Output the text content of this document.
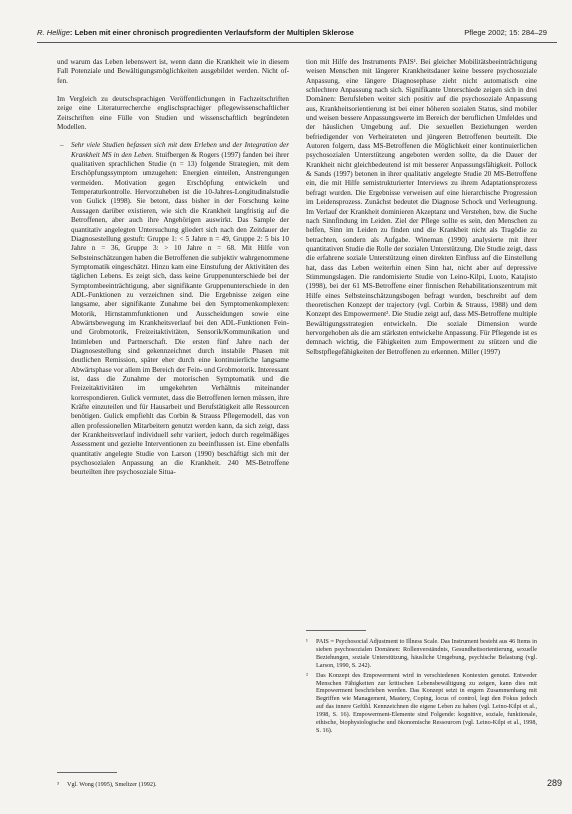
R. Hellige: Leben mit einer chronisch progredienten Verlaufsform der Multiplen Sklerose	Pflege 2002; 15: 284–29

und warum das Leben lebenswert ist, wenn dann die Krankheit wie in diesem Fall Potenziale und Bewältigungsmöglichkeiten ausgebildet werden. Nicht of-fen.

Im Vergleich zu deutschsprachigen Veröffentlichungen in Fachzeitschriften zeige eine Literaturrecherche englischsprachiger pflegewissenschaftlicher Zeitschriften eine Fülle von Studien und wissenschaftlich begründeten Modellen.

– Sehr viele Studien befassen sich mit dem Erleben und der Integration der Krankheit MS in den Leben. Stuifbergen & Rogers (1997) fanden bei ihrer qualitativen sprachlichen Studie (n = 13) folgende Strategien, mit dem Erschöpfungssymptom umzugehen: Energien einteilen, Anstrengungen vermeiden. Motivation gegen Erschöpfung entwickeln und Temperaturkontrolle. Hervorzuheben ist die 10-Jahres-Longitudinalstudie von Gulick (1998). Sie betont, dass bisher in der Forschung keine Aussagen darüber existieren, wie sich die Krankheit langfristig auf die Betroffenen, aber auch ihre Angehörigen auswirkt. Das Sample der quantitativ angelegten Untersuchung gliedert sich nach den Zeitdauer der Diagnosestellung gestuft: Gruppe 1: < 5 Jahre n = 49, Gruppe 2: 5 bis 10 Jahre n = 36, Gruppe 3: > 10 Jahre n = 68. Mit Hilfe von Selbsteinschätzungen haben die Betroffenen die subjektiv wahrgenommene Symptomatik eingeschätzt. Hinzu kam eine Einstufung der Aktivitäten des täglichen Lebens. Es zeigt sich, dass keine Gruppenunterschiede bei der Symptombeeinträchtigung, aber signifikante Gruppenunterschiede in den ADL-Funktionen zu verzeichnen sind. Die Ergebnisse zeigen eine langsame, aber signifikante Zunahme bei den Symptomenkomplexen: Motorik, Hirnstammfunktionen und Ausscheidungen sowie eine Abwärtsbewegung im Krankheitsverlauf bei den ADL-Funktionen Fein- und Grobmotorik, Freizeitaktivitäten, Sensorik/Kommunikation und Intimleben und Partnerschaft. Die ersten fünf Jahre nach der Diagnosestellung sind gekennzeichnet durch instabile Phasen mit deutlichen Remission, später eher durch eine kontinuierliche langsame Abwärtsphase vor allem im Bereich der Fein- und Grobmotorik. Interessant ist, dass die Zunahme der motorischen Symptomatik und die Freizeitaktivitäten im umgekehrten Verhältnis miteinander korrespondieren. Gulick vermutet, dass die Betroffenen lernen müssen, ihre Kräfte einzuteilen und für Hausarbeit und Berufstätigkeit alle Ressourcen benötigen. Gulick empfiehlt das Corbin & Strauss Pflegemodell, das von allen professionellen Mitarbeitern genutzt werden kann, da sich zeigt, dass der Krankheitsverlauf individuell sehr variiert, jedoch durch regelmäßiges Assessment und gezielte Interventionen zu beeinflussen ist. Eine ebenfalls quantitativ angelegte Studie von Larson (1990) beschäftigt sich mit der psychosozialen Anpassung an die Krankheit. 240 MS-Betroffene beurteilten ihre psychosoziale Situa-

tion mit Hilfe des Instruments PAIS¹. Bei gleicher Mobilitätsbeeinträchtigung weisen Menschen mit längerer Krankheitsdauer keine bessere psychosoziale Anpassung, eine längere Diagnosephase zieht nicht automatisch eine schlechtere Anpassung nach sich. Signifikante Unterschiede zeigen sich in drei Domänen: Berufsleben weiter sich positiv auf die psychosoziale Anpassung aus, Krankheitsorientierung ist bei einer höheren sozialen Status, sind mobiler und weisen bessere Anpassungswerte im Bereich der beruflichen Umfeldes und der häuslichen Umgebung auf. Die sexuellen Beziehungen werden befriedigender von Verheirateten und jüngeren Betroffenen beurteilt. Die Autoren folgern, dass MS-Betroffenen die Möglichkeit einer kontinuierlichen psychosozialen Unterstützung angeboten werden sollte, da die Dauer der Krankheit nicht gleichbedeutend ist mit besserer Anpassungsfähigkeit. Pollock & Sands (1997) betonen in ihrer qualitativ angelegte Studie 20 MS-Betroffene ein, die mit Hilfe semistrukturierter Interviews zu ihrem Adaptationsprozess befragt wurden. Die Ergebnisse verweisen auf eine hierarchische Progression im Leidensprozess. Zunächst bedeutet die Diagnose Schock und Verleugnung. Im Verlauf der Krankheit dominieren Akzeptanz und Verstehen, bzw. die Suche nach Sinnfindung im Leiden. Ziel der Pflege sollte es sein, den Menschen zu helfen, Sinn im Leiden zu finden und die Krankheit nicht als Tragödie zu betrachten, sondern als Aufgabe. Wineman (1990) analysierte mit ihrer quantitativen Studie die Rolle der sozialen Unterstützung. Die Studie zeigt, dass die erfahrene soziale Unterstützung einen direkten Einfluss auf die Einstellung hat, dass das Leben weiterhin einen Sinn hat, nicht aber auf depressive Stimmungslagen. Die randomisierte Studie von Leino-Kilpi, Luoto, Katajisto (1998), bei der 61 MS-Betroffene einer finnischen Rehabilitationszentrum mit Hilfe eines Selbsteinschätzungsbogen befragt wurden, beschreibt auf dem theoretischen Konzept der trajectory (vgl. Corbin & Strauss, 1988) und dem Konzept des Empowerment². Die Studie zeigt auf, dass MS-Betroffene multiple Bewältigungsstrategien entwickeln. Die soziale Dimension wurde hervorgehoben als die am stärksten entwickelte Anpassung. Für Pflegende ist es demnach wichtig, die Fähigkeiten zum Empowerment zu stützen und die Selbstpflegefähigkeiten der Betroffenen zu erkennen. Miller (1997)

¹ PAIS = Psychosocial Adjustment to Illness Scale. Das Instrument besteht aus 46 Items in sieben psychosozialen Domänen: Rollenverständnis, Gesundheitsorientierung, sexuelle Beziehungen, soziale Unterstützung, häusliche Umgebung, psychische Belastung (vgl. Larson, 1990, S. 242).
² Das Konzept des Empowerment wird in verschiedenen Kontexten genutzt. Entweder Menschen Fähigkeiten zur kritischen Lebensbewältigung zu zeigen, kann dies mit Empowerment beschrieben werden. Das Konzept setzt in engem Zusammenhang mit Begriffen wie Management, Mastery, Coping, locus of control, legt den Fokus jedoch auf das innere Gefühl. Kennzeichnen die eigene Leben zu haben (vgl. Leino-Kilpi et al., 1998, S. 16). Empowerment-Elemente sind Folgende: kognitive, soziale, funktionale, ethische, biophysiologische und ökonomische Ressourcen (vgl. Leino-Kilpi et al., 1998, S. 16).
³ Vgl. Wong (1995), Smeltzer (1992).	289
